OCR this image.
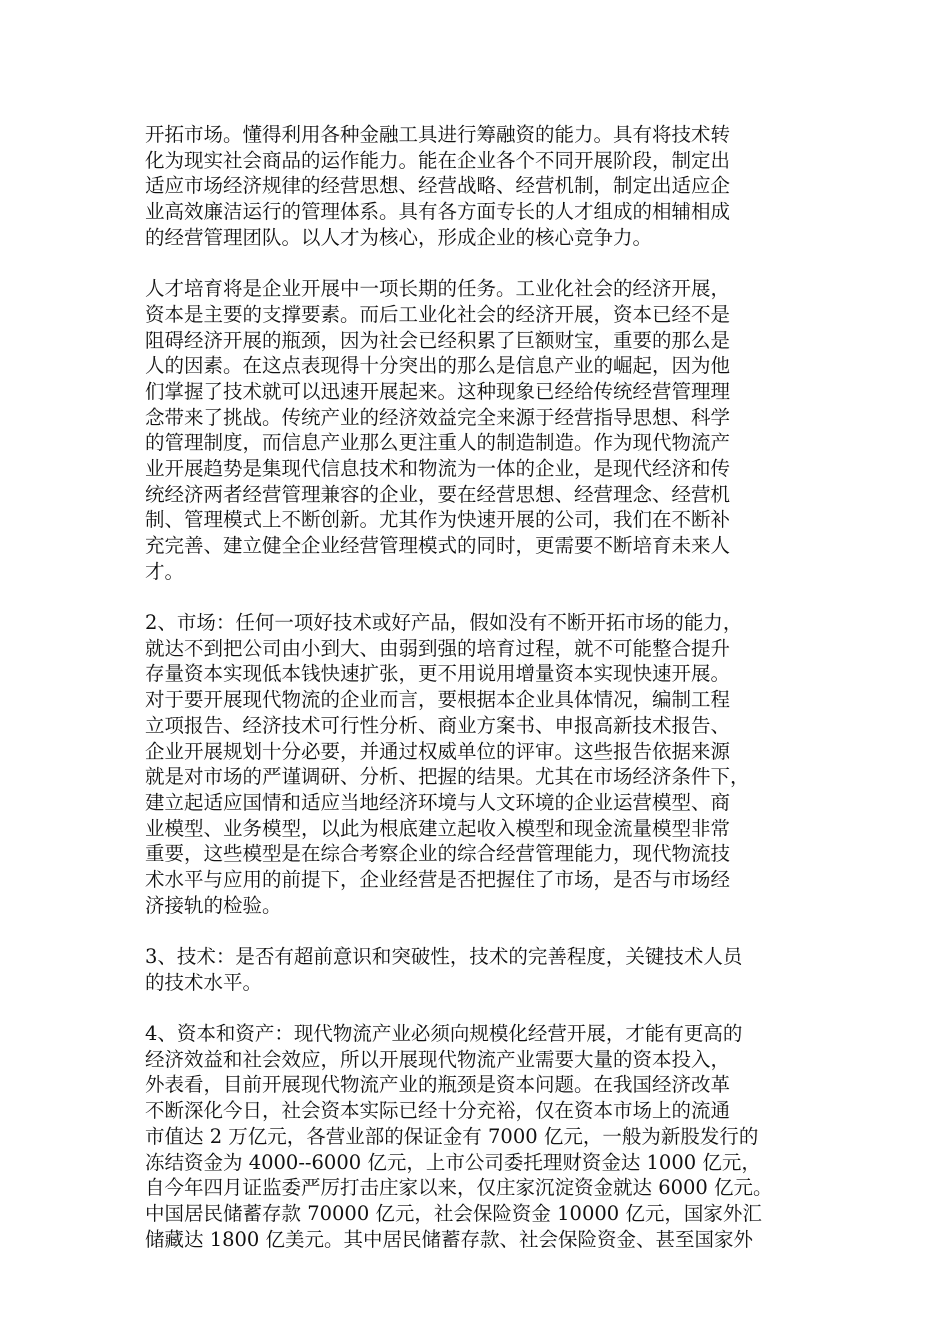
开拓市场。懂得利用各种金融工具进行筹融资的能力。具有将技术转
化为现实社会商品的运作能力。能在企业各个不同开展阶段，制定出
适应市场经济规律的经营思想、经营战略、经营机制，制定出适应企
业高效廉洁运行的管理体系。具有各方面专长的人才组成的相辅相成
的经营管理团队。以人才为核心，形成企业的核心竞争力。
人才培育将是企业开展中一项长期的任务。工业化社会的经济开展，
资本是主要的支撑要素。而后工业化社会的经济开展，资本已经不是
阻碍经济开展的瓶颈，因为社会已经积累了巨额财宝，重要的那么是
人的因素。在这点表现得十分突出的那么是信息产业的崛起，因为他
们掌握了技术就可以迅速开展起来。这种现象已经给传统经营管理理
念带来了挑战。传统产业的经济效益完全来源于经营指导思想、科学
的管理制度，而信息产业那么更注重人的制造制造。作为现代物流产
业开展趋势是集现代信息技术和物流为一体的企业，是现代经济和传
统经济两者经营管理兼容的企业，要在经营思想、经营理念、经营机
制、管理模式上不断创新。尤其作为快速开展的公司，我们在不断补
充完善、建立健全企业经营管理模式的同时，更需要不断培育未来人
才。
2、市场：任何一项好技术或好产品，假如没有不断开拓市场的能力，
就达不到把公司由小到大、由弱到强的培育过程，就不可能整合提升
存量资本实现低本钱快速扩张，更不用说用增量资本实现快速开展。
对于要开展现代物流的企业而言，要根据本企业具体情况，编制工程
立项报告、经济技术可行性分析、商业方案书、申报高新技术报告、
企业开展规划十分必要，并通过权威单位的评审。这些报告依据来源
就是对市场的严谨调研、分析、把握的结果。尤其在市场经济条件下，
建立起适应国情和适应当地经济环境与人文环境的企业运营模型、商
业模型、业务模型，以此为根底建立起收入模型和现金流量模型非常
重要，这些模型是在综合考察企业的综合经营管理能力，现代物流技
术水平与应用的前提下，企业经营是否把握住了市场，是否与市场经
济接轨的检验。
3、技术：是否有超前意识和突破性，技术的完善程度，关键技术人员
的技术水平。
4、资本和资产：现代物流产业必须向规模化经营开展，才能有更高的
经济效益和社会效应，所以开展现代物流产业需要大量的资本投入，
外表看，目前开展现代物流产业的瓶颈是资本问题。在我国经济改革
不断深化今日，社会资本实际已经十分充裕，仅在资本市场上的流通
市值达 2 万亿元，各营业部的保证金有 7000 亿元，一般为新股发行的
冻结资金为 4000--6000 亿元，上市公司委托理财资金达 1000 亿元，
自今年四月证监委严厉打击庄家以来，仅庄家沉淀资金就达 6000 亿元。
中国居民储蓄存款 70000 亿元，社会保险资金 10000 亿元，国家外汇
储藏达 1800 亿美元。其中居民储蓄存款、社会保险资金、甚至国家外
